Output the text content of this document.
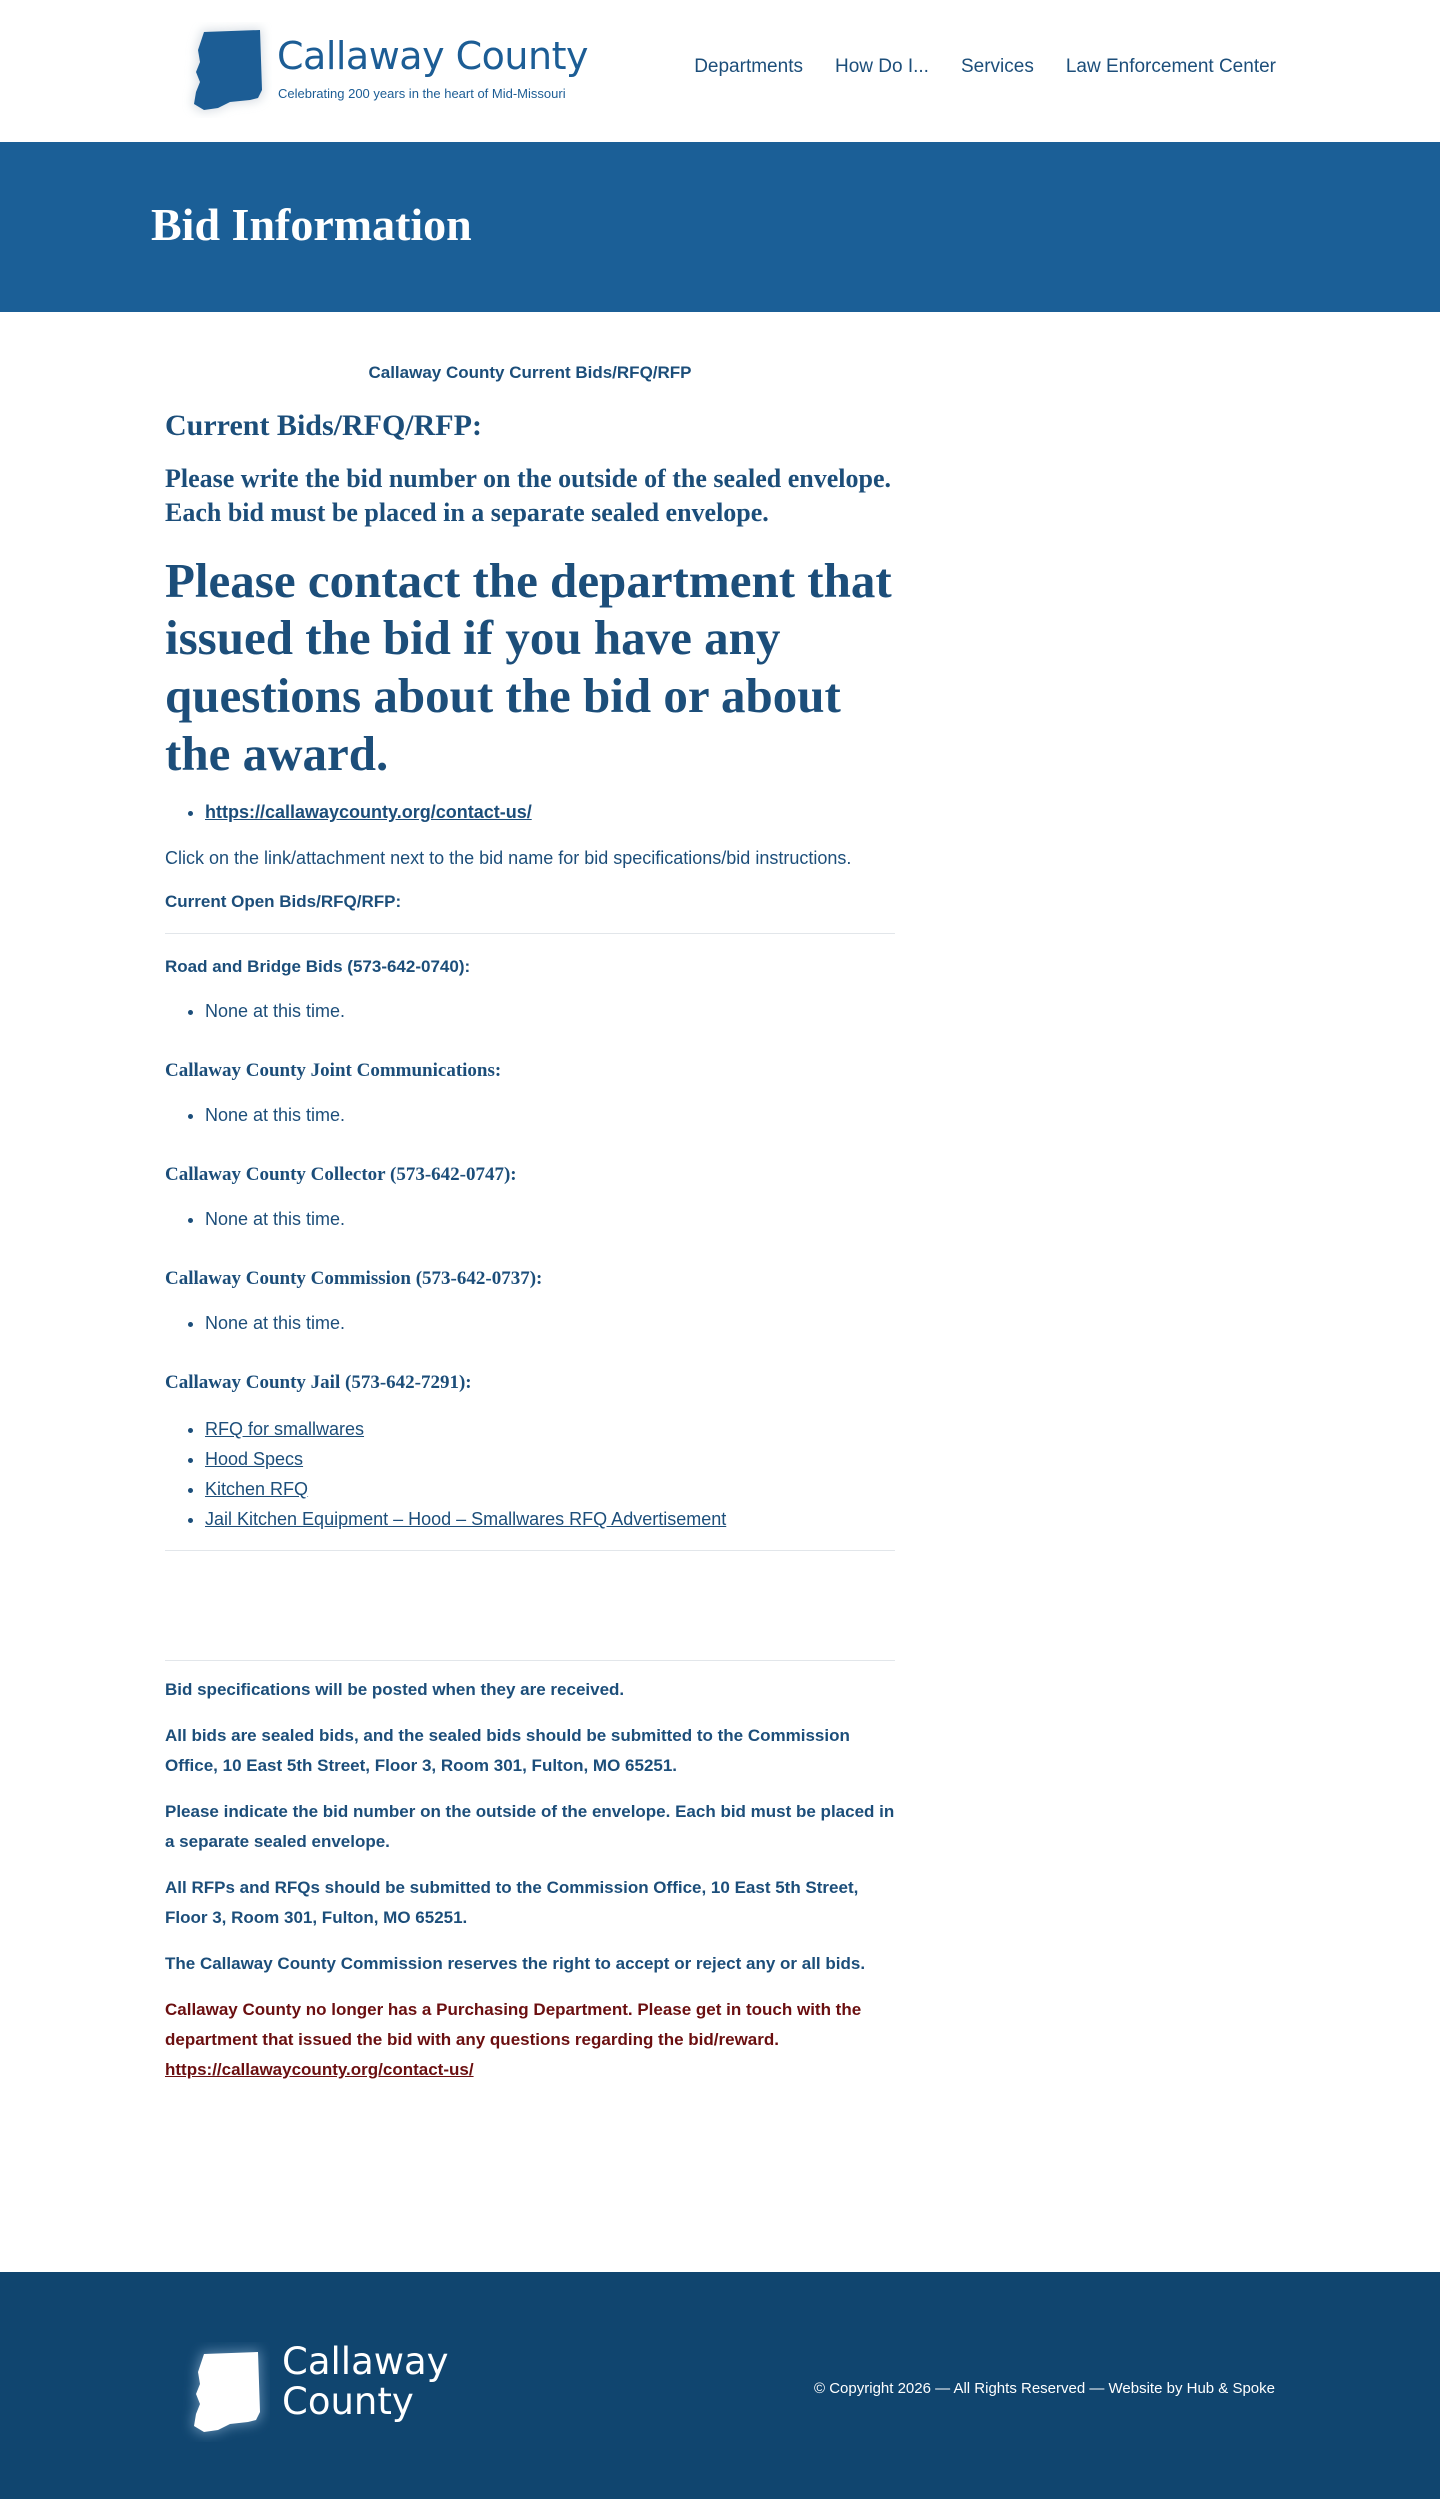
Callaway County
Celebrating 200 years in the heart of Mid-Missouri
Departments How Do I... Services Law Enforcement Center
Bid Information

Callaway County Current Bids/RFQ/RFP

Current Bids/RFQ/RFP:
Please write the bid number on the outside of the sealed envelope. Each bid must be placed in a separate sealed envelope.
Please contact the department that issued the bid if you have any questions about the bid or about the award.
• https://callawaycounty.org/contact-us/

Click on the link/attachment next to the bid name for bid specifications/bid instructions.

Current Open Bids/RFQ/RFP:

Road and Bridge Bids (573-642-0740):
• None at this time.
Callaway County Joint Communications:
• None at this time.
Callaway County Collector (573-642-0747):
• None at this time.
Callaway County Commission (573-642-0737):
• None at this time.
Callaway County Jail (573-642-7291):
• RFQ for smallwares
• Hood Specs
• Kitchen RFQ
• Jail Kitchen Equipment – Hood – Smallwares RFQ Advertisement

Bid specifications will be posted when they are received.

All bids are sealed bids, and the sealed bids should be submitted to the Commission Office, 10 East 5th Street, Floor 3, Room 301, Fulton, MO 65251.

Please indicate the bid number on the outside of the envelope. Each bid must be placed in a separate sealed envelope.

All RFPs and RFQs should be submitted to the Commission Office, 10 East 5th Street, Floor 3, Room 301, Fulton, MO 65251.

The Callaway County Commission reserves the right to accept or reject any or all bids.

Callaway County no longer has a Purchasing Department. Please get in touch with the department that issued the bid with any questions regarding the bid/reward.
https://callawaycounty.org/contact-us/

Callaway
County	© Copyright 2026 — All Rights Reserved — Website by Hub & Spoke
